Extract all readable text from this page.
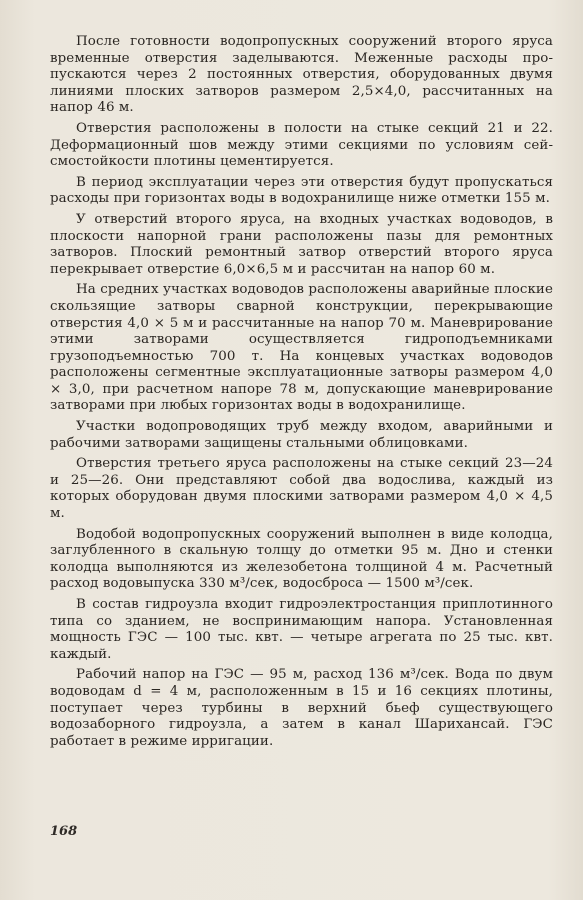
После готовности водопропускных сооружений второго яруса временные отверстия заделываются. Меженные расходы пропускаются через 2 постоянных отверстия, оборудованных двумя линиями плоских затворов размером 2,5×4,0, рассчитанных на напор 46 м.

Отверстия расположены в полости на стыке секций 21 и 22. Деформационный шов между этими секциями по условиям сейсмостойкости плотины цементируется.

В период эксплуатации через эти отверстия будут пропускаться расходы при горизонтах воды в водохранилище ниже отметки 155 м.

У отверстий второго яруса, на входных участках водоводов, в плоскости напорной грани расположены пазы для ремонтных затворов. Плоский ремонтный затвор отверстий второго яруса перекрывает отверстие 6,0×6,5 м и рассчитан на напор 60 м.

На средних участках водоводов расположены аварийные плоские скользящие затворы сварной конструкции, перекрывающие отверстия 4,0 × 5 м и рассчитанные на напор 70 м. Маневрирование этими затворами осуществляется гидроподъемниками грузоподъемностью 700 т. На концевых участках водоводов расположены сегментные эксплуатационные затворы размером 4,0 × 3,0, при расчетном напоре 78 м, допускающие маневрирование затворами при любых горизонтах воды в водохранилище.

Участки водопроводящих труб между входом, аварийными и рабочими затворами защищены стальными облицовками.

Отверстия третьего яруса расположены на стыке секций 23—24 и 25—26. Они представляют собой два водослива, каждый из которых оборудован двумя плоскими затворами размером 4,0 × 4,5 м.

Водобой водопропускных сооружений выполнен в виде колодца, заглубленного в скальную толщу до отметки 95 м. Дно и стенки колодца выполняются из железобетона толщиной 4 м. Расчетный расход водовыпуска 330 м³/сек, водосброса — 1500 м³/сек.

В состав гидроузла входит гидроэлектростанция приплотинного типа со зданием, не воспринимающим напора. Установленная мощность ГЭС — 100 тыс. квт. — четыре агрегата по 25 тыс. квт. каждый.

Рабочий напор на ГЭС — 95 м, расход 136 м³/сек. Вода по двум водоводам d = 4 м, расположенным в 15 и 16 секциях плотины, поступает через турбины в верхний бьеф существующего водозаборного гидроузла, а затем в канал Шарихансай. ГЭС работает в режиме ирригации.

168
